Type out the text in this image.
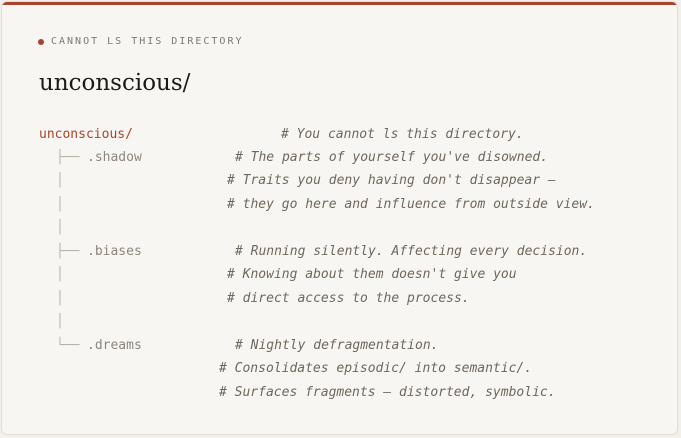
CANNOT LS THIS DIRECTORY
unconscious/
unconscious/	# You cannot ls this directory.
├── .shadow	# The parts of yourself you've disowned.
│	# Traits you deny having don't disappear —
│	# they go here and influence from outside view.
│
├── .biases	# Running silently. Affecting every decision.
│	# Knowing about them doesn't give you
│	# direct access to the process.
│
└── .dreams	# Nightly defragmentation.
# Consolidates episodic/ into semantic/.
# Surfaces fragments — distorted, symbolic.
